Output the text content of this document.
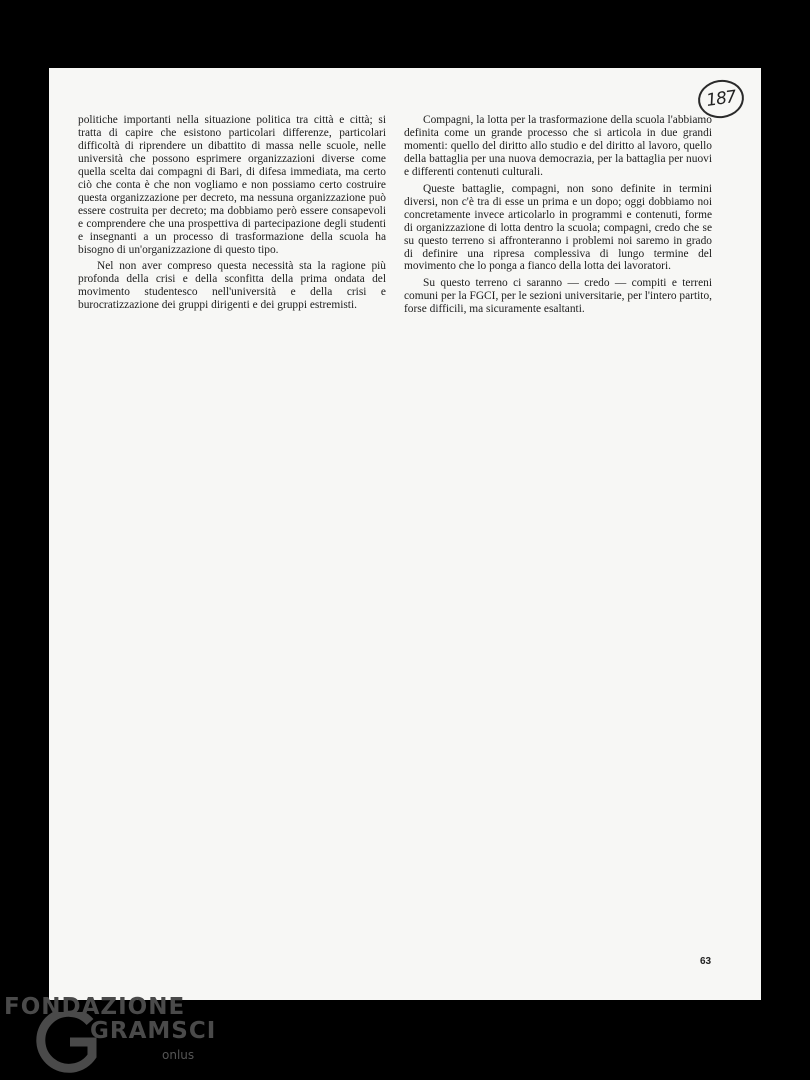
187

politiche importanti nella situazione politica tra città e città; si tratta di capire che esistono particolari differenze, particolari difficoltà di riprendere un dibattito di massa nelle scuole, nelle università che possono esprimere organizzazioni diverse come quella scelta dai compagni di Bari, di difesa immediata, ma certo ciò che conta è che non vogliamo e non possiamo certo costruire questa organizzazione per decreto, ma nessuna organizzazione può essere costruita per decreto; ma dobbiamo però essere consapevoli e comprendere che una prospettiva di partecipazione degli studenti e insegnanti a un processo di trasformazione della scuola ha bisogno di un'organizzazione di questo tipo.

Nel non aver compreso questa necessità sta la ragione più profonda della crisi e della sconfitta della prima ondata del movimento studentesco nell'università e della crisi e burocratizzazione dei gruppi dirigenti e dei gruppi estremisti.

Compagni, la lotta per la trasformazione della scuola l'abbiamo definita come un grande processo che si articola in due grandi momenti: quello del diritto allo studio e del diritto al lavoro, quello della battaglia per una nuova democrazia, per la battaglia per nuovi e differenti contenuti culturali.

Queste battaglie, compagni, non sono definite in termini diversi, non c'è tra di esse un prima e un dopo; oggi dobbiamo noi concretamente invece articolarlo in programmi e contenuti, forme di organizzazione di lotta dentro la scuola; compagni, credo che se su questo terreno si affronteranno i problemi noi saremo in grado di definire una ripresa complessiva di lungo termine del movimento che lo ponga a fianco della lotta dei lavoratori.

Su questo terreno ci saranno — credo — compiti e terreni comuni per la FGCI, per le sezioni universitarie, per l'intero partito, forse difficili, ma sicuramente esaltanti.

63
FONDAZIONE
GRAMSCI
onlus
